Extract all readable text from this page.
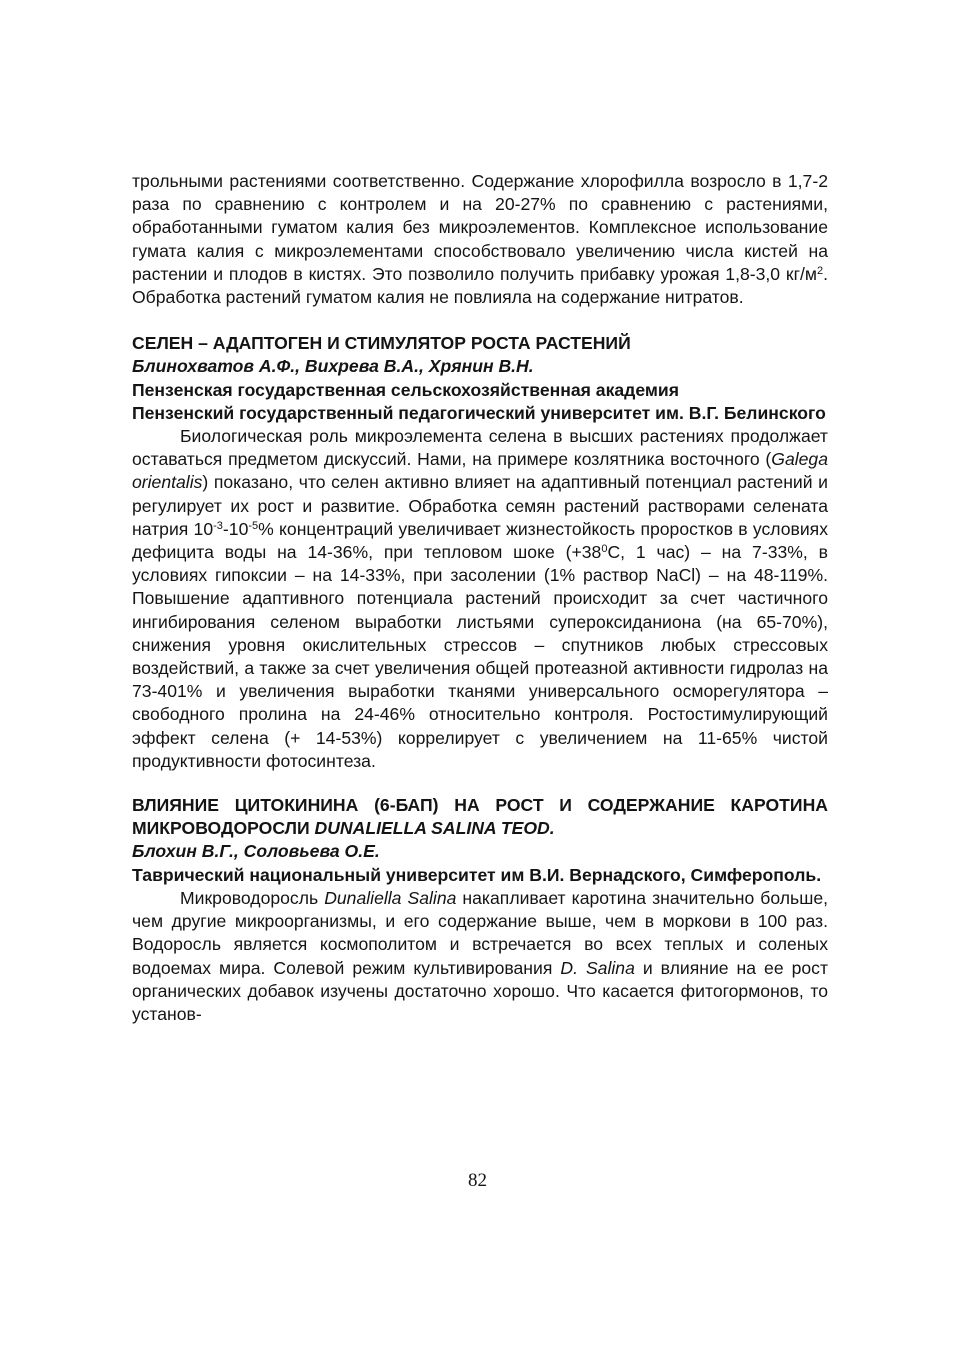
трольными растениями соответственно. Содержание хлорофилла возросло в 1,7-2 раза по сравнению с контролем и на 20-27% по сравнению с растениями, обработанными гуматом калия без микроэлементов. Комплексное использование гумата калия с микроэлементами способствовало увеличению числа кистей на растении и плодов в кистях. Это позволило получить прибавку урожая 1,8-3,0 $кг/м^2$. Обработка растений гуматом калия не повлияла на содержание нитратов.

СЕЛЕН – АДАПТОГЕН И СТИМУЛЯТОР РОСТА РАСТЕНИЙ

Блинохватов А.Ф., Вихрева В.А., Хрянин В.Н.

Пензенская государственная сельскохозяйственная академия

Пензенский государственный педагогический университет им. В.Г. Белинского

Биологическая роль микроэлемента селена в высших растениях продолжает оставаться предметом дискуссий. Нами, на примере козлятника восточного (Galega orientalis) показано, что селен активно влияет на адаптивный потенциал растений и регулирует их рост и развитие. Обработка семян растений растворами селената натрия $10^{-3}-10^{-5}\%$ концентраций увеличивает жизнестойкость проростков в условиях дефицита воды на 14-36%, при тепловом шоке ($+38^0С$, 1 час) – на 7-33%, в условиях гипоксии – на 14-33%, при засолении (1% раствор NaCl) – на 48-119%. Повышение адаптивного потенциала растений происходит за счет частичного ингибирования селеном выработки листьями супероксиданиона (на 65-70%), снижения уровня окислительных стрессов – спутников любых стрессовых воздействий, а также за счет увеличения общей протеазной активности гидролаз на 73-401% и увеличения выработки тканями универсального осморегулятора – свободного пролина на 24-46% относительно контроля. Ростостимулирующий эффект селена (+ 14-53%) коррелирует с увеличением на 11-65% чистой продуктивности фотосинтеза.

ВЛИЯНИЕ ЦИТОКИНИНА (6-БАП) НА РОСТ И СОДЕРЖАНИЕ КАРОТИНА МИКРОВОДОРОСЛИ DUNALIELLA SALINA TEOD.

Блохин В.Г., Соловьева О.Е.

Таврический национальный университет им В.И. Вернадского, Симферополь.

Микроводоросль Dunaliella Salina накапливает каротина значительно больше, чем другие микроорганизмы, и его содержание выше, чем в моркови в 100 раз. Водоросль является космополитом и встречается во всех теплых и соленых водоемах мира. Солевой режим культивирования D. Salina и влияние на ее рост органических добавок изучены достаточно хорошо. Что касается фитогормонов, то установ-

82
